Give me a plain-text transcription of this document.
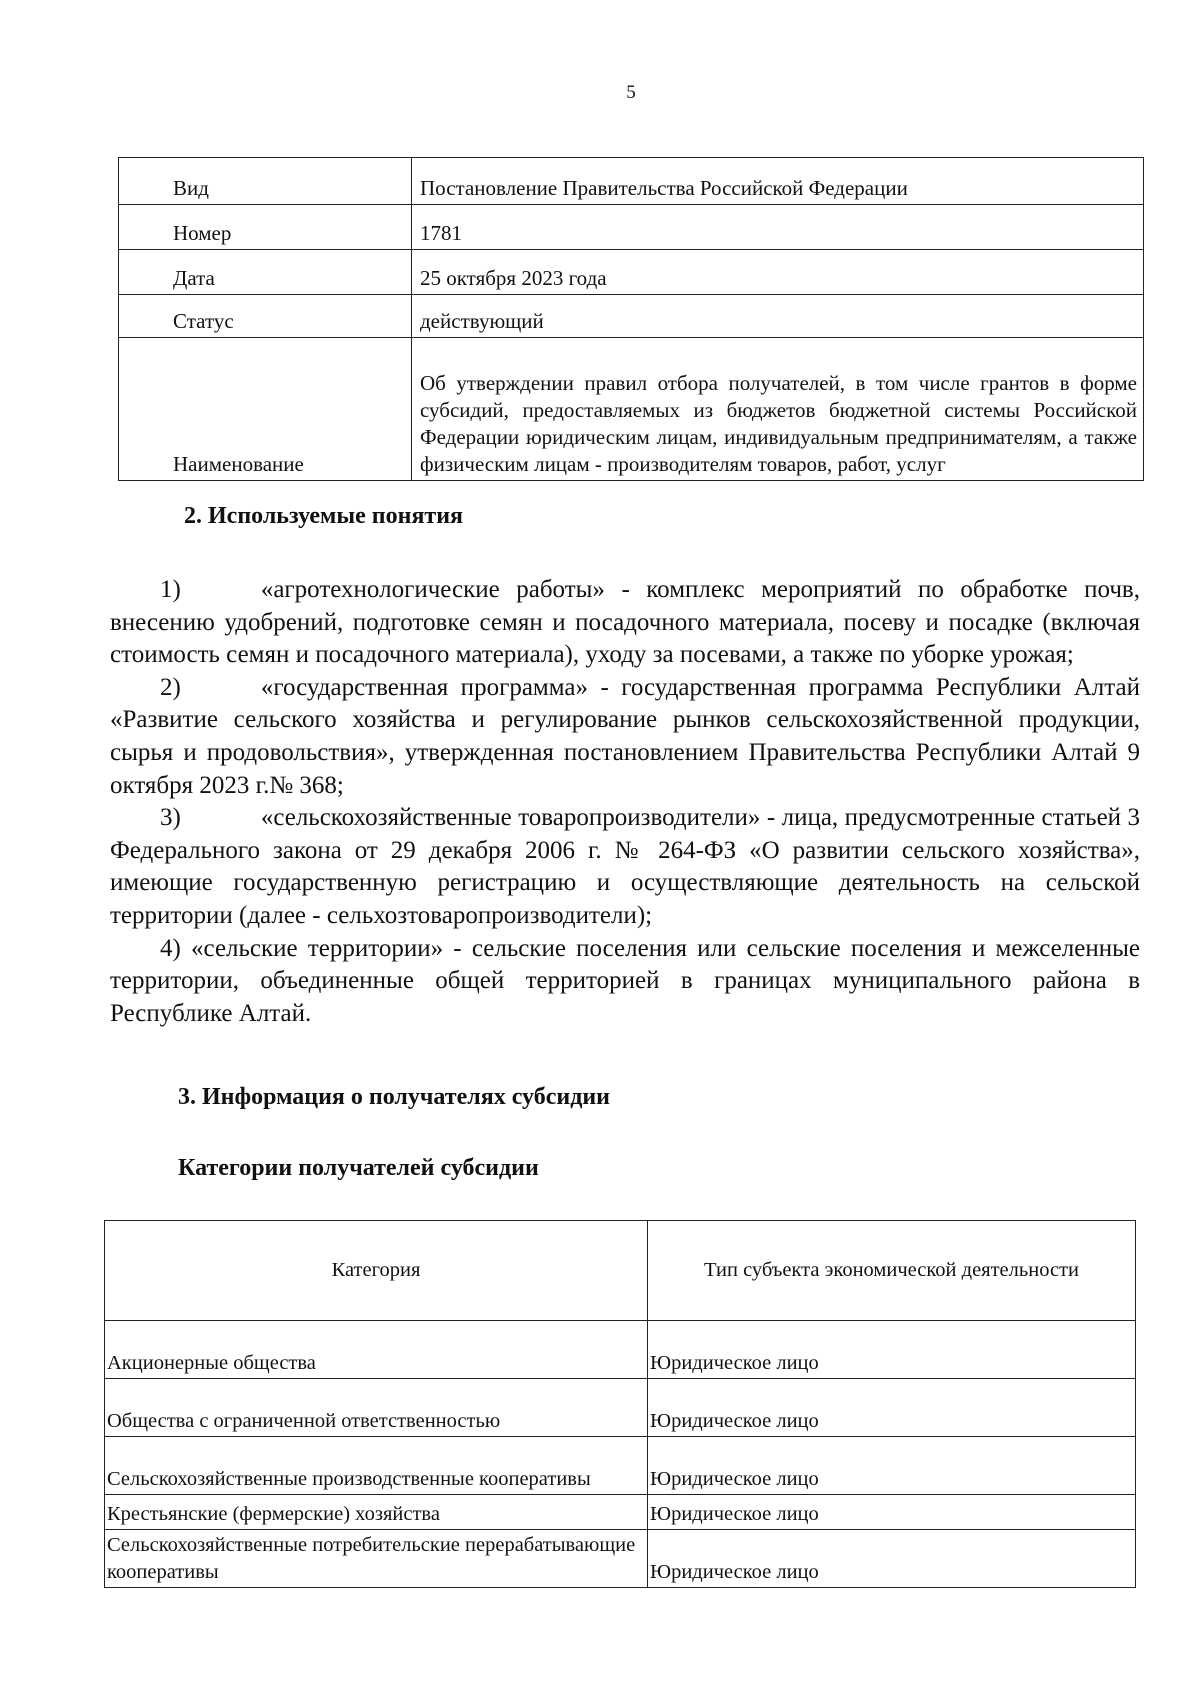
5
Вид	Постановление Правительства Российской Федерации
Номер	1781
Дата	25 октября 2023 года
Статус	действующий
Наименование	Об утверждении правил отбора получателей, в том числе грантов в форме субсидий, предоставляемых из бюджетов бюджетной системы Российской Федерации юридическим лицам, индивидуальным предпринимателям, а также физическим лицам - производителям товаров, работ, услуг
2. Используемые понятия

1)	«агротехнологические работы» - комплекс мероприятий по обработке почв, внесению удобрений, подготовке семян и посадочного материала, посеву и посадке (включая стоимость семян и посадочного материала), уходу за посевами, а также по уборке урожая;

2)	«государственная программа» - государственная программа Республики Алтай «Развитие сельского хозяйства и регулирование рынков сельскохозяйственной продукции, сырья и продовольствия», утвержденная постановлением Правительства Республики Алтай 9 октября 2023 г.№ 368;

3)	«сельскохозяйственные товаропроизводители» - лица, предусмотренные статьей 3 Федерального закона от 29 декабря 2006 г. № 264-ФЗ «О развитии сельского хозяйства», имеющие государственную регистрацию и осуществляющие деятельность на сельской территории (далее - сельхозтоваропроизводители);

4) «сельские территории» - сельские поселения или сельские поселения и межселенные территории, объединенные общей территорией в границах муниципального района в Республике Алтай.

3. Информация о получателях субсидии
Категории получателей субсидии
Категория	Тип субъекта экономической деятельности
Акционерные общества	Юридическое лицо
Общества с ограниченной ответственностью	Юридическое лицо
Сельскохозяйственные производственные кооперативы	Юридическое лицо
Крестьянские (фермерские) хозяйства	Юридическое лицо
Сельскохозяйственные потребительские перерабатывающие кооперативы	Юридическое лицо
